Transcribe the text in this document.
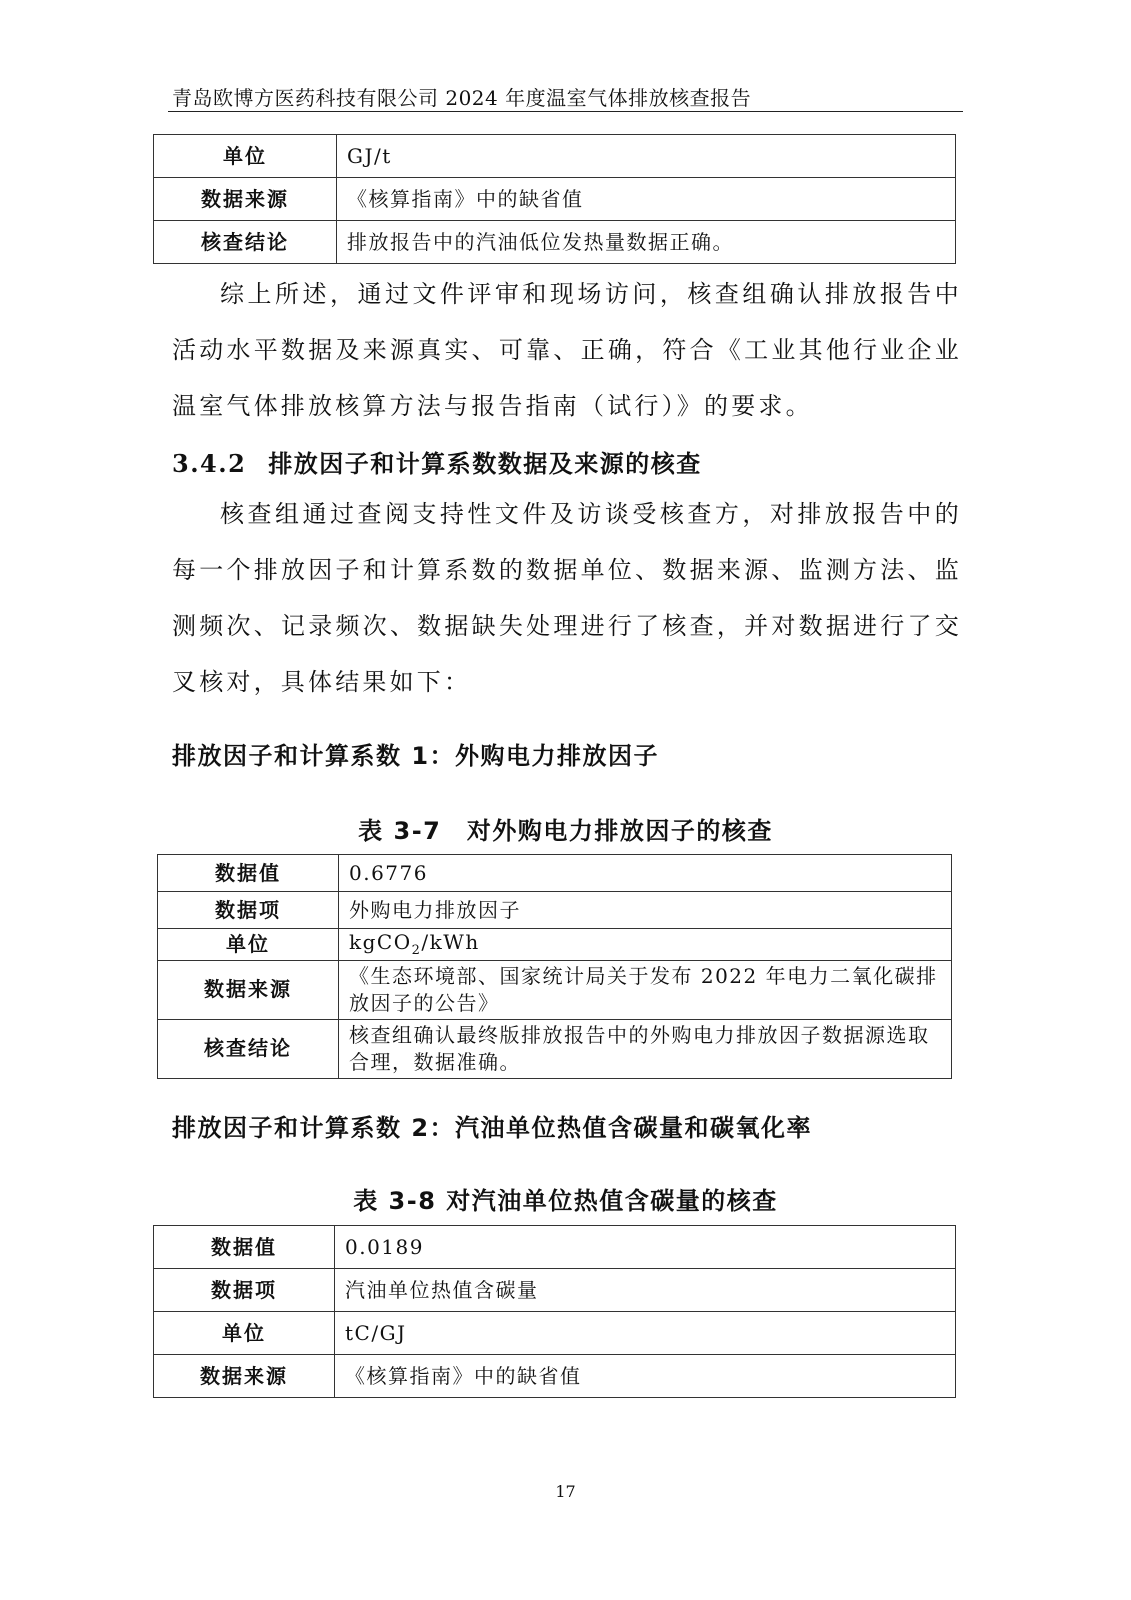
青岛欧博方医药科技有限公司 2024 年度温室气体排放核查报告
单位	GJ/t
数据来源	《核算指南》中的缺省值
核查结论	排放报告中的汽油低位发热量数据正确。
综上所述，通过文件评审和现场访问，核查组确认排放报告中活动水平数据及来源真实、可靠、正确，符合《工业其他行业企业温室气体排放核算方法与报告指南（试行）》的要求。
3.4.2 排放因子和计算系数数据及来源的核查
核查组通过查阅支持性文件及访谈受核查方，对排放报告中的每一个排放因子和计算系数的数据单位、数据来源、监测方法、监测频次、记录频次、数据缺失处理进行了核查，并对数据进行了交叉核对，具体结果如下：
排放因子和计算系数 1：外购电力排放因子
表 3-7　对外购电力排放因子的核查
数据值	0.6776
数据项	外购电力排放因子
单位	kgCO$_2$/kWh
数据来源	《生态环境部、国家统计局关于发布 2022 年电力二氧化碳排放因子的公告》
核查结论	核查组确认最终版排放报告中的外购电力排放因子数据源选取合理，数据准确。
排放因子和计算系数 2：汽油单位热值含碳量和碳氧化率
表 3-8 对汽油单位热值含碳量的核查
数据值	0.0189
数据项	汽油单位热值含碳量
单位	tC/GJ
数据来源	《核算指南》中的缺省值
17
